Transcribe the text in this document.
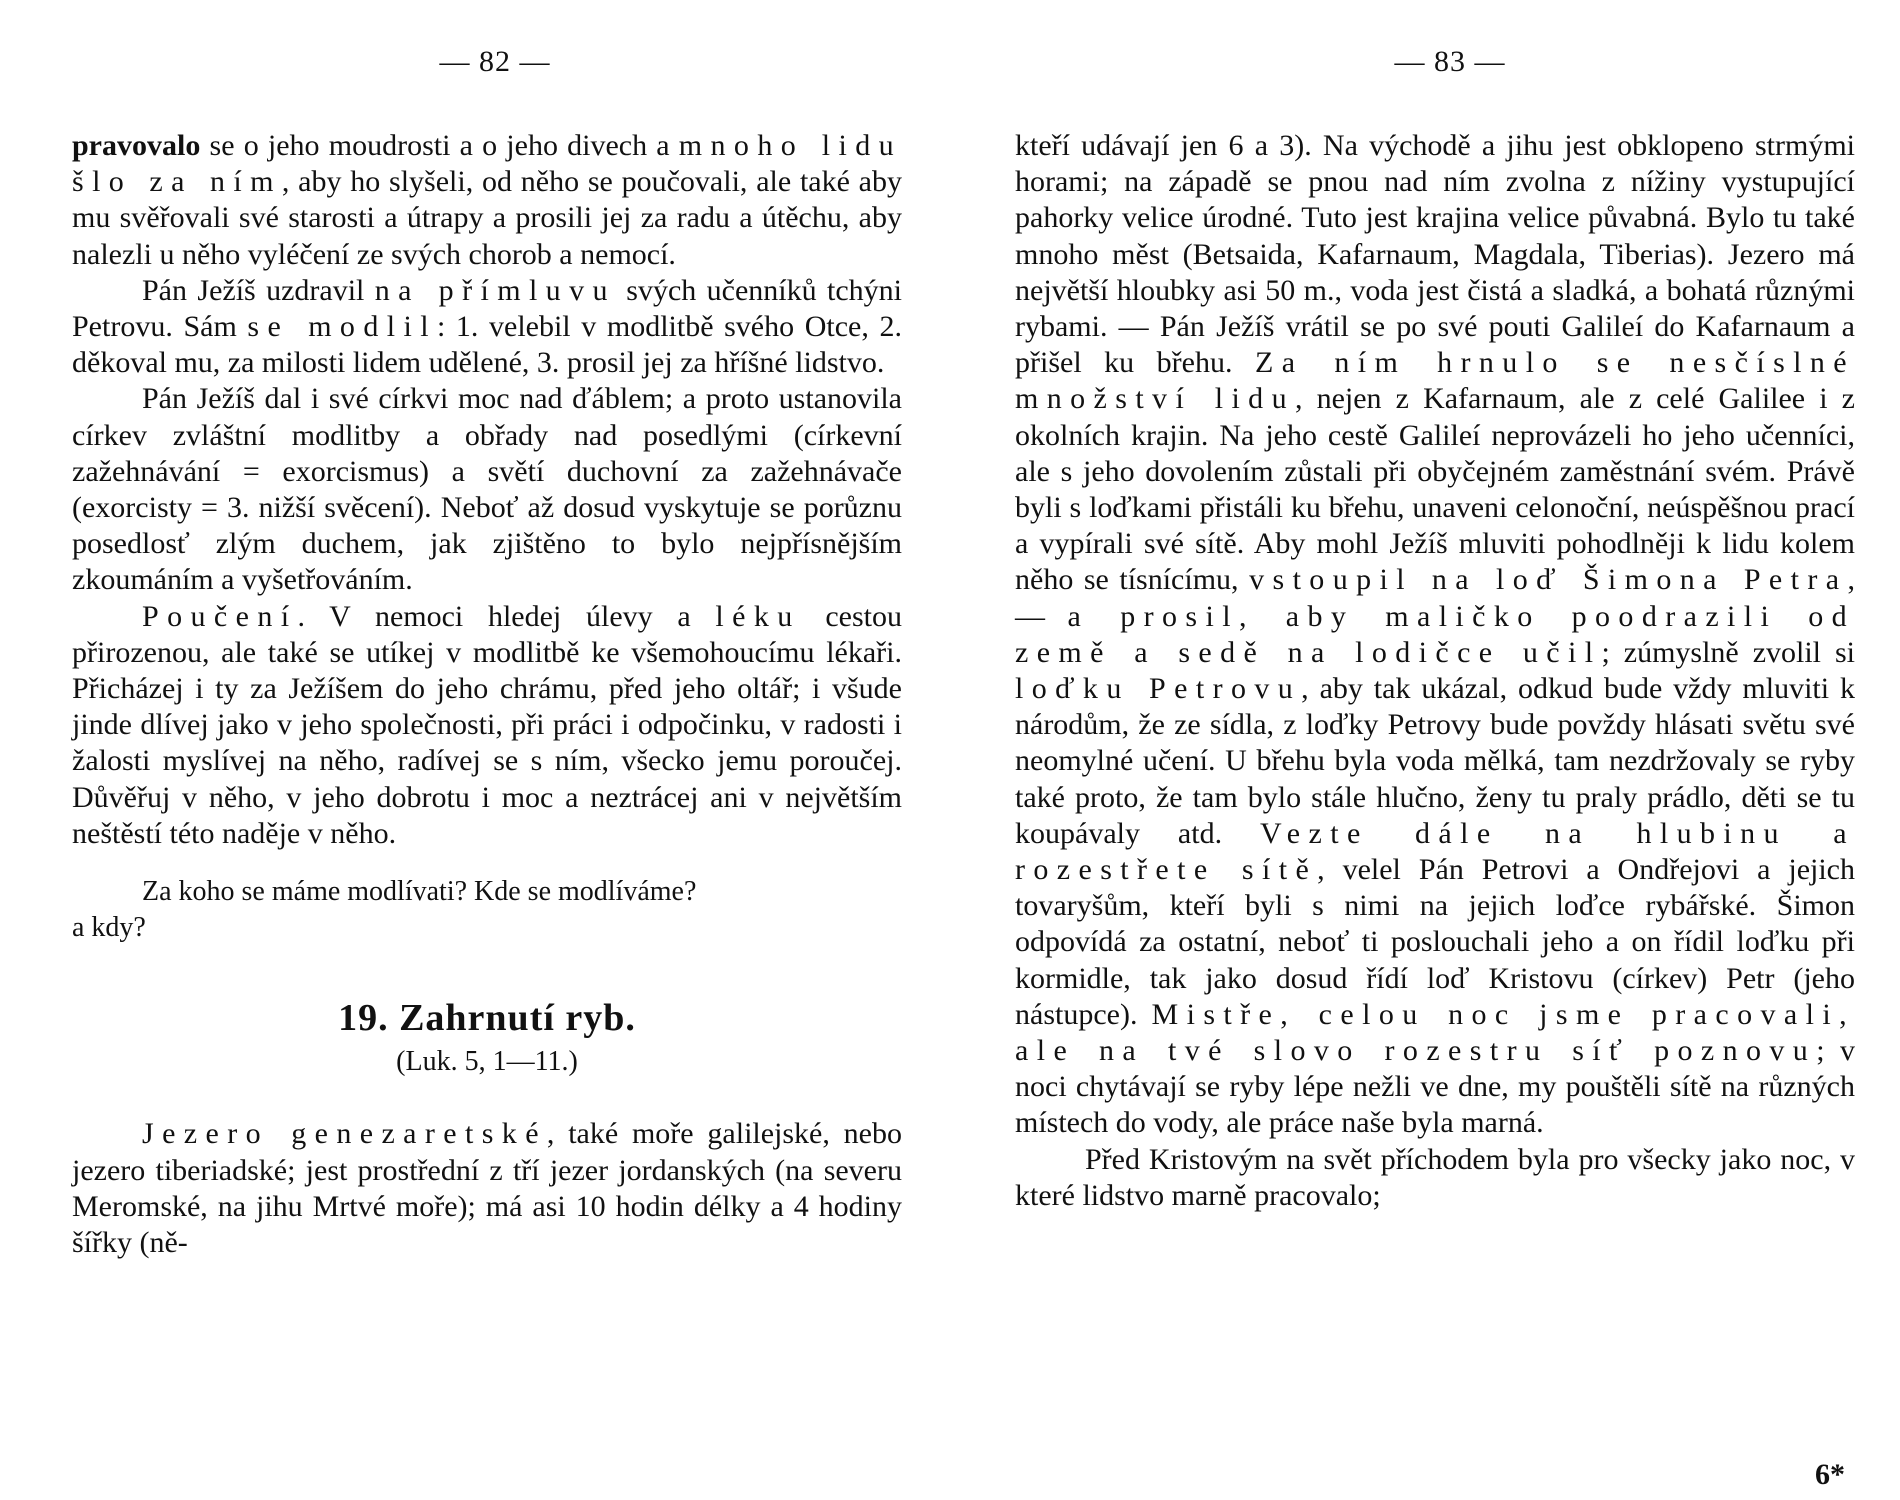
— 82 —

pravovalo se o jeho moudrosti a o jeho divech a mnoho lidu šlo za ním, aby ho slyšeli, od něho se poučovali, ale také aby mu svěřovali své starosti a útrapy a prosili jej za radu a útěchu, aby nalezli u něho vyléčení ze svých chorob a nemocí.

Pán Ježíš uzdravil na přímluvu svých učenníků tchýni Petrovu. Sám se modlil: 1. velebil v modlitbě svého Otce, 2. děkoval mu, za milosti lidem udělené, 3. prosil jej za hříšné lidstvo.

Pán Ježíš dal i své církvi moc nad ďáblem; a proto ustanovila církev zvláštní modlitby a obřady nad posedlými (církevní zažehnávání = exorcismus) a světí duchovní za zažehnávače (exorcisty = 3. nižší svěcení). Neboť až dosud vyskytuje se porůznu posedlosť zlým duchem, jak zjištěno to bylo nejpřísnějším zkoumáním a vyšetřováním.

Poučení. V nemoci hledej úlevy a léku cestou přirozenou, ale také se utíkej v modlitbě ke všemohoucímu lékaři. Přicházej i ty za Ježíšem do jeho chrámu, před jeho oltář; i všude jinde dlívej jako v jeho společnosti, při práci i odpočinku, v radosti i žalosti myslívej na něho, radívej se s ním, všecko jemu poroučej. Důvěřuj v něho, v jeho dobrotu i moc a neztrácej ani v největším neštěstí této naděje v něho.

Za koho se máme modlívati? Kde se modlíváme?
a kdy?

19. Zahrnutí ryb.
(Luk. 5, 1—11.)

Jezero genezaretské, také moře galilejské, nebo jezero tiberiadské; jest prostřední z tří jezer jordanských (na severu Meromské, na jihu Mrtvé moře); má asi 10 hodin délky a 4 hodiny šířky (ně-

— 83 —

kteří udávají jen 6 a 3). Na východě a jihu jest obklopeno strmými horami; na západě se pnou nad ním zvolna z nížiny vystupující pahorky velice úrodné. Tuto jest krajina velice půvabná. Bylo tu také mnoho měst (Betsaida, Kafarnaum, Magdala, Tiberias). Jezero má největší hloubky asi 50 m., voda jest čistá a sladká, a bohatá různými rybami. — Pán Ježíš vrátil se po své pouti Galileí do Kafarnaum a přišel ku břehu. Za ním hrnulo se nesčíslné množství lidu, nejen z Kafarnaum, ale z celé Galilee i z okolních krajin. Na jeho cestě Galileí neprovázeli ho jeho učenníci, ale s jeho dovolením zůstali při obyčejném zaměstnání svém. Právě byli s loďkami přistáli ku břehu, unaveni celonoční, neúspěšnou prací a vypírali své sítě. Aby mohl Ježíš mluviti pohodlněji k lidu kolem něho se tísnícímu, vstoupil na loď Šimona Petra, — a prosil, aby maličko poodrazili od země a sedě na lodičce učil; zúmyslně zvolil si loďku Petrovu, aby tak ukázal, odkud bude vždy mluviti k národům, že ze sídla, z loďky Petrovy bude povždy hlásati světu své neomylné učení. U břehu byla voda mělká, tam nezdržovaly se ryby také proto, že tam bylo stále hlučno, ženy tu praly prádlo, děti se tu koupávaly atd. Vezte dále na hlubinu a rozestřete sítě, velel Pán Petrovi a Ondřejovi a jejich tovaryšům, kteří byli s nimi na jejich loďce rybářské. Šimon odpovídá za ostatní, neboť ti poslouchali jeho a on řídil loďku při kormidle, tak jako dosud řídí loď Kristovu (církev) Petr (jeho nástupce). Mistře, celou noc jsme pracovali, ale na tvé slovo rozestru síť poznovu; v noci chytávají se ryby lépe nežli ve dne, my pouštěli sítě na různých místech do vody, ale práce naše byla marná.

Před Kristovým na svět příchodem byla pro všecky jako noc, v které lidstvo marně pracovalo;

6*
